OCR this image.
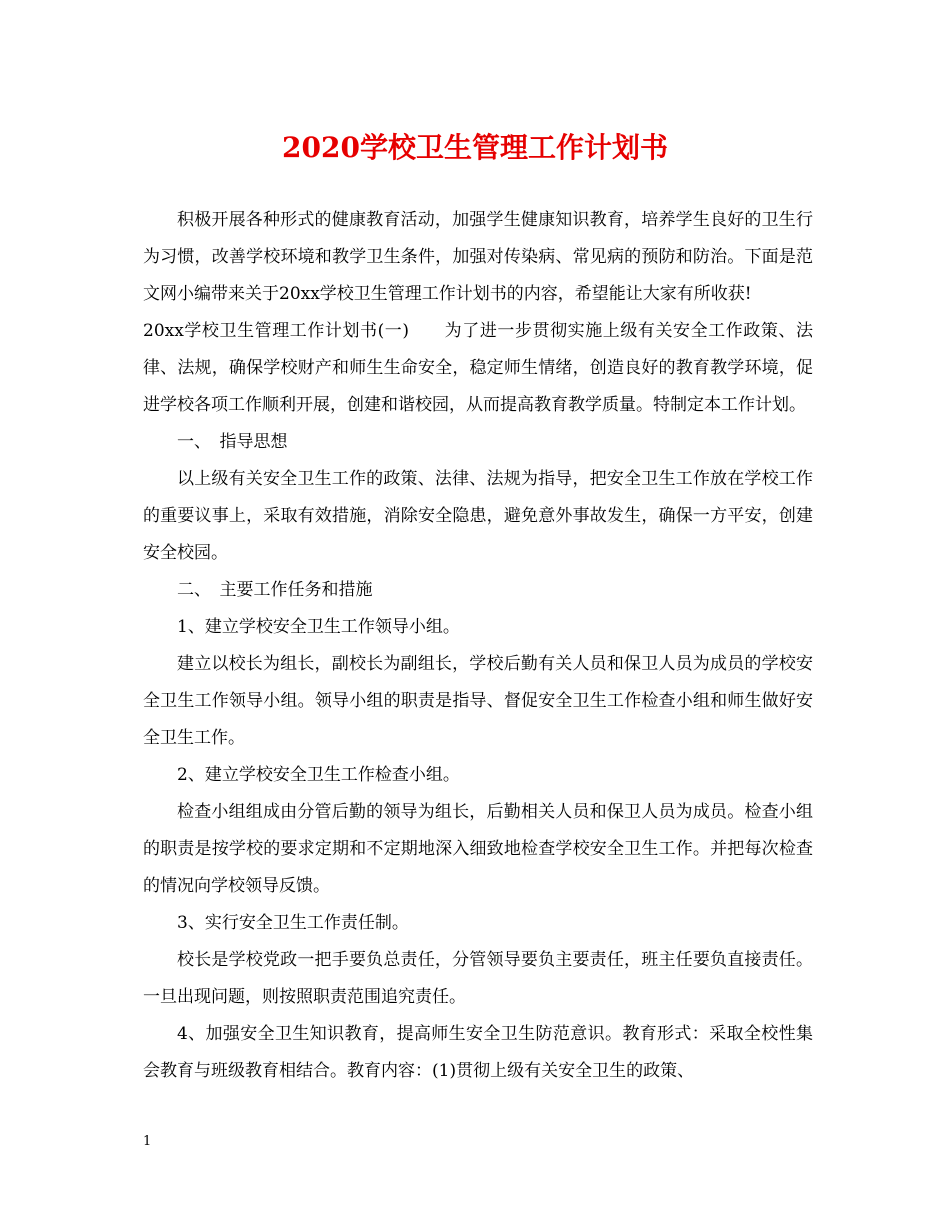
2020学校卫生管理工作计划书

积极开展各种形式的健康教育活动，加强学生健康知识教育，培养学生良好的卫生行为习惯，改善学校环境和教学卫生条件，加强对传染病、常见病的预防和防治。下面是范文网小编带来关于20xx学校卫生管理工作计划书的内容，希望能让大家有所收获!

20xx学校卫生管理工作计划书(一)　　为了进一步贯彻实施上级有关安全工作政策、法律、法规，确保学校财产和师生生命安全，稳定师生情绪，创造良好的教育教学环境，促进学校各项工作顺利开展，创建和谐校园，从而提高教育教学质量。特制定本工作计划。

一、　指导思想

以上级有关安全卫生工作的政策、法律、法规为指导，把安全卫生工作放在学校工作的重要议事上，采取有效措施，消除安全隐患，避免意外事故发生，确保一方平安，创建安全校园。

二、　主要工作任务和措施

1、建立学校安全卫生工作领导小组。

建立以校长为组长，副校长为副组长，学校后勤有关人员和保卫人员为成员的学校安全卫生工作领导小组。领导小组的职责是指导、督促安全卫生工作检查小组和师生做好安全卫生工作。

2、建立学校安全卫生工作检查小组。

检查小组组成由分管后勤的领导为组长，后勤相关人员和保卫人员为成员。检查小组的职责是按学校的要求定期和不定期地深入细致地检查学校安全卫生工作。并把每次检查的情况向学校领导反馈。

3、实行安全卫生工作责任制。

校长是学校党政一把手要负总责任，分管领导要负主要责任，班主任要负直接责任。一旦出现问题，则按照职责范围追究责任。

4、加强安全卫生知识教育，提高师生安全卫生防范意识。教育形式：采取全校性集会教育与班级教育相结合。教育内容：(1)贯彻上级有关安全卫生的政策、

1
